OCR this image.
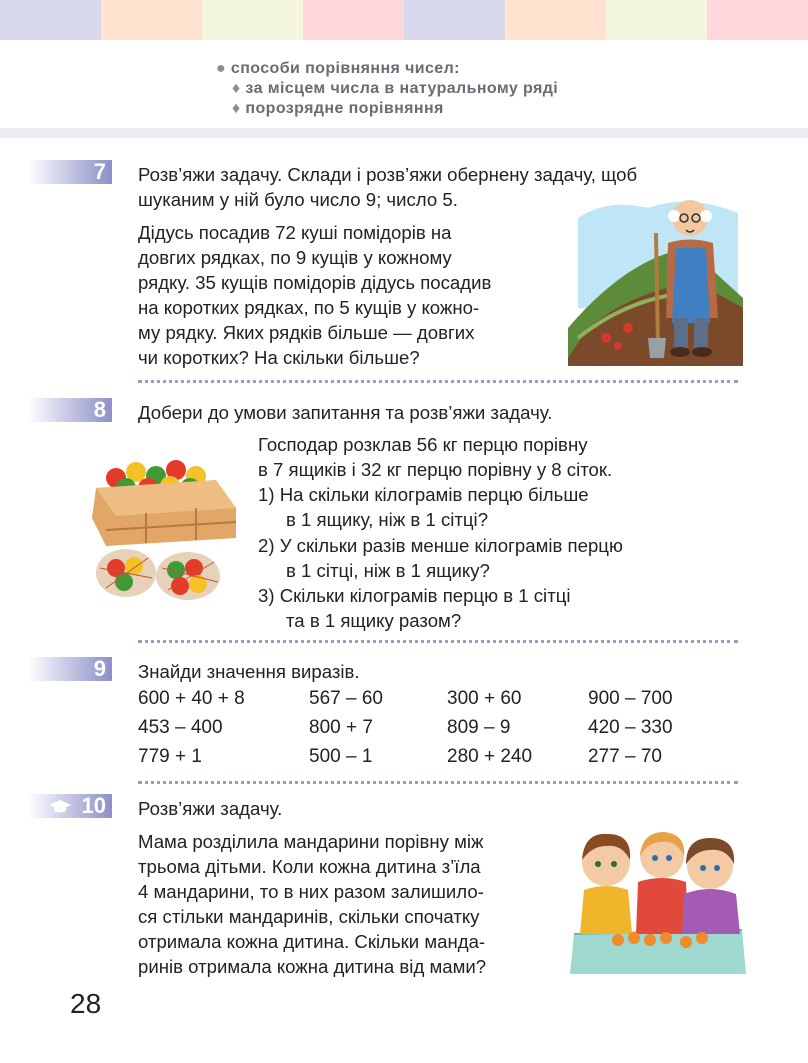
● способи порівняння чисел:
♦ за місцем числа в натуральному ряді
♦ порозрядне порівняння
7 Розв’яжи задачу. Склади і розв’яжи обернену задачу, щоб
шуканим у ній було число 9; число 5.
Дідусь посадив 72 куші помідорів на
довгих рядках, по 9 кущів у кожному
рядку. 35 кущів помідорів дідусь посадив
на коротких рядках, по 5 кущів у кожно-
му рядку. Яких рядків більше — довгих
чи коротких? На скільки більше?
8 Добери до умови запитання та розв’яжи задачу.
Господар розклав 56 кг перцю порівну
в 7 ящиків і 32 кг перцю порівну у 8 сіток.
1) На скільки кілограмів перцю більше
в 1 ящику, ніж в 1 сітці?
2) У скільки разів менше кілограмів перцю
в 1 сітці, ніж в 1 ящику?
3) Скільки кілограмів перцю в 1 сітці
та в 1 ящику разом?
9 Знайди значення виразів.
600 + 40 + 8	567 – 60	300 + 60	900 – 700
453 – 400	800 + 7	809 – 9	420 – 330
779 + 1	500 – 1	280 + 240	277 – 70
10 Розв’яжи задачу.
Мама розділила мандарини порівну між
трьома дітьми. Коли кожна дитина з’їла
4 мандарини, то в них разом залишило-
ся стільки мандаринів, скільки спочатку
отримала кожна дитина. Скільки манда-
ринів отримала кожна дитина від мами?
28
